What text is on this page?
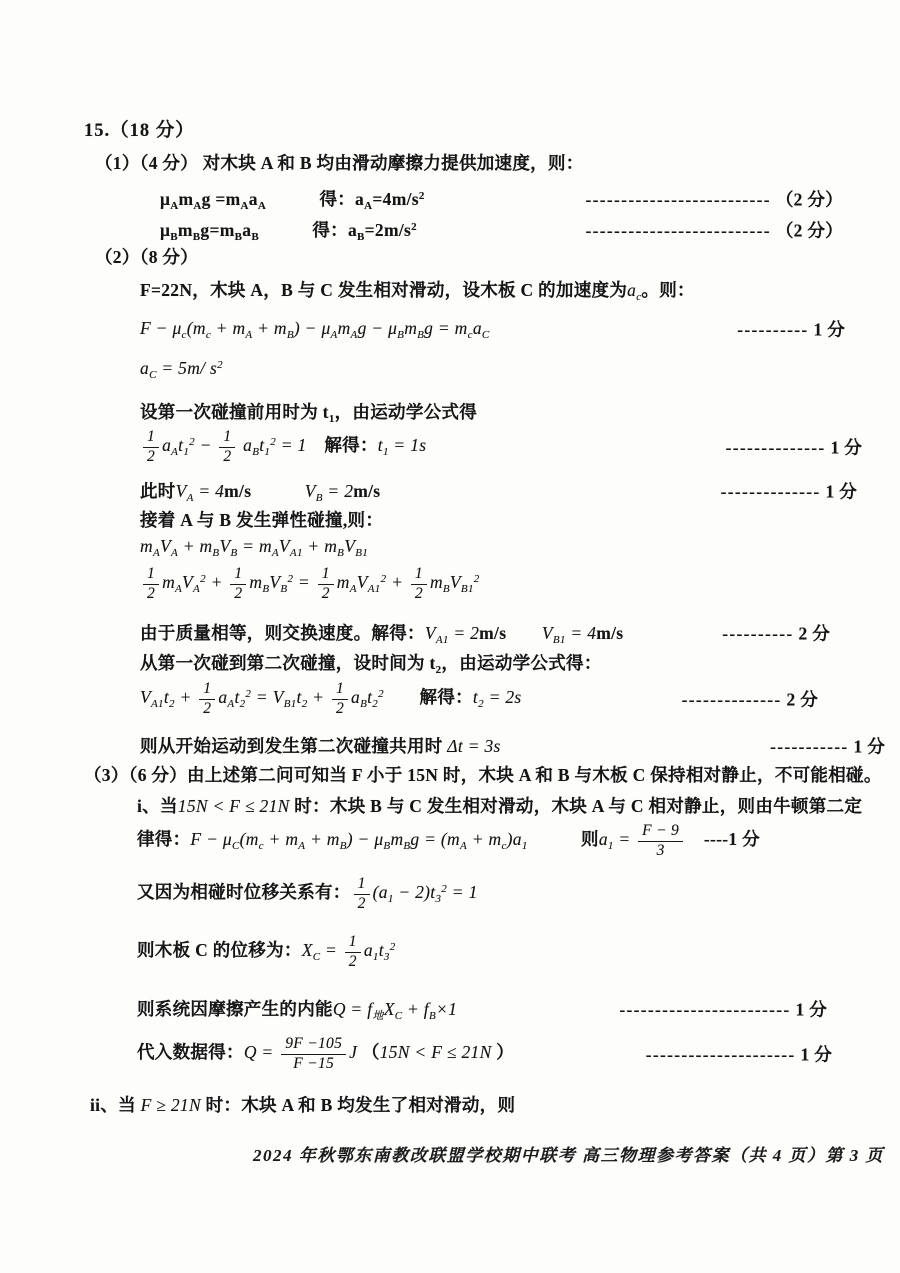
15.（18 分）
（1）（4 分） 对木块 A 和 B 均由滑动摩擦力提供加速度，则：
$\mu_Am_Ag =m_Aa_A$　　　得：$a_A=4m/s^2$	-------------------------- （2 分）
$\mu_Bm_Bg=m_Ba_B$　　　得：$a_B=2m/s^2$	-------------------------- （2 分）
（2）（8 分）
F=22N，木块 A，B 与 C 发生相对滑动，设木板 C 的加速度为$a_c$。则：
$F - \mu_c(m_c + m_A + m_B) - \mu_Am_Ag - \mu_Bm_Bg = m_ca_C$	---------- 1 分
$a_C = 5m/$ $s^2$
设第一次碰撞前用时为 $t_1$，由运动学公式得
$\frac{1}{2} a_At_1^2 - \frac{1}{2} a_Bt_1^2 = 1$　解得：$t_1 = 1s$	-------------- 1 分
此时$V_A = 4m/s$　　　$V_B = 2m/s$	-------------- 1 分
接着 A 与 B 发生弹性碰撞,则：
$m_AV_A + m_BV_B = m_AV_{A1} + m_BV_{B1}$
$\frac{1}{2} m_AV_A^2 + \frac{1}{2} m_BV_B^2 = \frac{1}{2} m_AV_{A1}^2 + \frac{1}{2} m_BV_{B1}^2$
由于质量相等，则交换速度。解得：$V_{A1} = 2m/s$　　$V_{B1} = 4m/s$	---------- 2 分
从第一次碰到第二次碰撞，设时间为 $t_2$，由运动学公式得：
$V_{A1}t_2 + \frac{1}{2} a_At_2^2 = V_{B1}t_2 + \frac{1}{2} a_Bt_2^2$　　解得：$t_2 = 2s$	-------------- 2 分
则从开始运动到发生第二次碰撞共用时 Δt = 3s	----------- 1 分
（3）（6 分）由上述第二问可知当 F 小于 15N 时，木块 A 和 B 与木板 C 保持相对静止，不可能相碰。
i、当15N < F ≤ 21N 时：木块 B 与 C 发生相对滑动，木块 A 与 C 相对静止，则由牛顿第二定
律得：$F - \mu_C(m_c + m_A + m_B) - \mu_Bm_Bg = (m_A + m_c)a_1$　　　则$a_1 = \frac{F - 9}{3}$ 　----1 分
又因为相碰时位移关系有： $\frac{1}{2} (a_1 - 2)t_3^2 = 1$
则木板 C 的位移为：$X_C = \frac{1}{2} a_1t_3^2$
则系统因摩擦产生的内能$Q = f_地X_C + f_B\times 1$	------------------------ 1 分
代入数据得：$Q = \frac{9F -105}{F -15}$ J （15N < F ≤ 21N ）	--------------------- 1 分
ii、当 F ≥ 21N 时：木块 A 和 B 均发生了相对滑动，则
2024 年秋鄂东南教改联盟学校期中联考 高三物理参考答案（共 4 页）第 3 页
